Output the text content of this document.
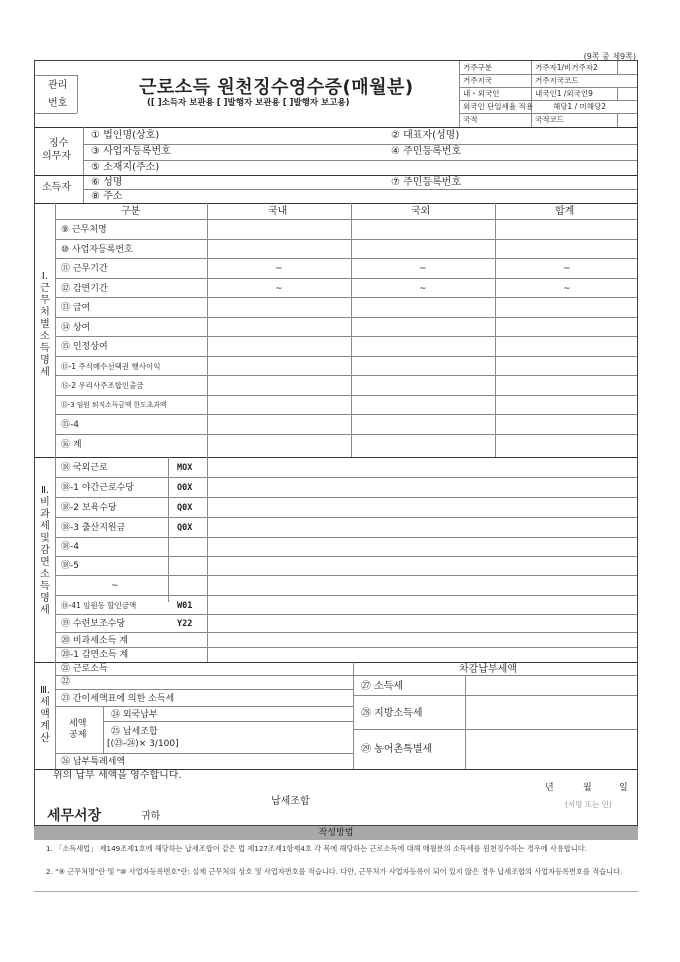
(9쪽 중 제9쪽)
관리
번호
근로소득 원천징수영수증(매월분)
([ ]소득자 보관용 [ ]발행자 보관용 [ ]발행자 보고용)
거주구분	거주자1/비거주자2
거주지국	거주지국코드
내・외국인	내국인1 /외국인9
외국인 단일세율 적용	해당1 / 미해당2
국적	국적코드
징수
의무자
① 법인명(상호)	② 대표자(성명)
③ 사업자등록번호	④ 주민등록번호
⑤ 소재지(주소)
소득자 ⑥ 성명	⑦ 주민등록번호
⑧ 주소
Ⅰ. 근무처별 소득명세
구분	국내	국외	합계
⑨ 근무처명
⑩ 사업자등록번호
⑪ 근무기간	~	~	~
⑫ 감면기간	~	~	~
⑬ 급여
⑭ 상여
⑮ 인정상여
⑮-1 주식매수선택권 행사이익
⑮-2 우리사주조합인출금
⑮-3 임원 퇴직소득금액 한도초과액
⑮-4
⑯ 계
Ⅱ. 비과세 및 감면소득명세
⑱ 국외근로	MOX
⑱-1 야간근로수당	O0X
⑱-2 보육수당	Q0X
⑱-3 출산지원금	Q0X
⑱-4
⑱-5
~
⑱-41 임원등 할인금액	W01
⑲ 수련보조수당	Y22
⑳ 비과세소득 계
⑳-1 감면소득 계
Ⅲ. 세액계산
㉑ 근로소득	차감납부세액
㉒
㉓ 간이세액표에 의한 소득세
세액
공제
㉔ 외국납부
㉕ 납세조합
[(㉓-㉔)× 3/100]
㉖ 납부특례세액
㉗ 소득세
㉘ 지방소득세
㉙ 농어촌특별세
위의 납부 세액을 영수합니다.
년	월	일
납세조합	(서명 또는 인)
세무서장	귀하
작성방법
1. 「소득세법」 제149조제1호에 해당하는 납세조합이 같은 법 제127조제1항제4호 각 목에 해당하는 근로소득에 대해 매월분의 소득세를 원천징수하는 경우에 사용합니다.
2. "⑨ 근무처명"란 및 "⑩ 사업자등록번호"란: 실제 근무처의 상호 및 사업자번호를 적습니다. 다만, 근무처가 사업자등록이 되어 있지 않은 경우 납세조합의 사업자등록번호를 적습니다.
